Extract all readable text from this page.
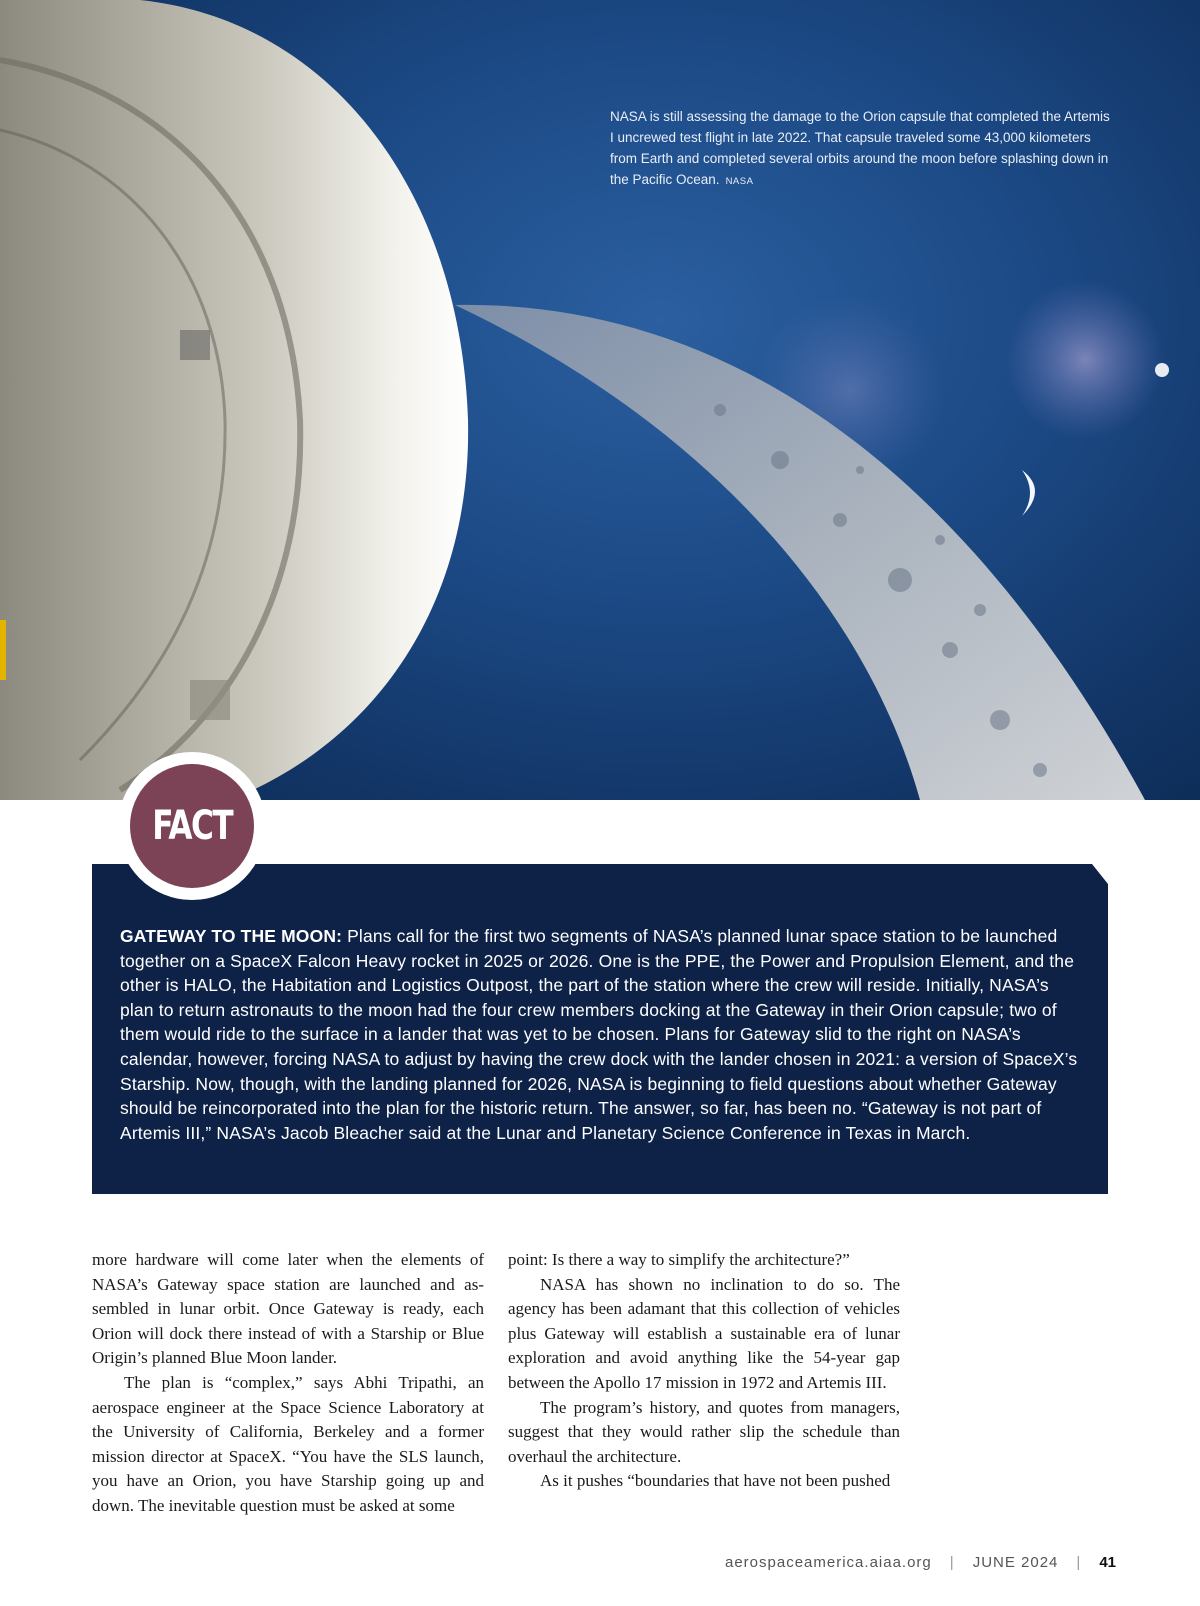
NASA is still assessing the damage to the Orion capsule that completed the Artemis I uncrewed test flight in late 2022. That capsule traveled some 43,000 kilometers from Earth and completed several orbits around the moon before splashing down in the Pacific Ocean. NASA
FACT
GATEWAY TO THE MOON: Plans call for the first two segments of NASA’s planned lunar space station to be launched together on a SpaceX Falcon Heavy rocket in 2025 or 2026. One is the PPE, the Power and Propulsion Element, and the other is HALO, the Habitation and Logistics Outpost, the part of the station where the crew will reside. Initially, NASA’s plan to return astronauts to the moon had the four crew members docking at the Gateway in their Orion capsule; two of them would ride to the surface in a lander that was yet to be chosen. Plans for Gateway slid to the right on NASA’s calendar, however, forcing NASA to adjust by having the crew dock with the lander chosen in 2021: a version of SpaceX’s Starship. Now, though, with the landing planned for 2026, NASA is beginning to field questions about whether Gateway should be reincorporated into the plan for the historic return. The answer, so far, has been no. “Gateway is not part of Artemis III,” NASA’s Jacob Bleacher said at the Lunar and Planetary Science Conference in Texas in March.

more hardware will come later when the elements of NASA’s Gateway space station are launched and assembled in lunar orbit. Once Gateway is ready, each Orion will dock there instead of with a Starship or Blue Origin’s planned Blue Moon lander.

The plan is “complex,” says Abhi Tripathi, an aerospace engineer at the Space Science Laboratory at the University of California, Berkeley and a former mission director at SpaceX. “You have the SLS launch, you have an Orion, you have Starship going up and down. The inevitable question must be asked at some

point: Is there a way to simplify the architecture?”

NASA has shown no inclination to do so. The agency has been adamant that this collection of vehicles plus Gateway will establish a sustainable era of lunar exploration and avoid anything like the 54-year gap between the Apollo 17 mission in 1972 and Artemis III.

The program’s history, and quotes from managers, suggest that they would rather slip the schedule than overhaul the architecture.

As it pushes “boundaries that have not been pushed

aerospaceamerica.aiaa.org | JUNE 2024 | 41
